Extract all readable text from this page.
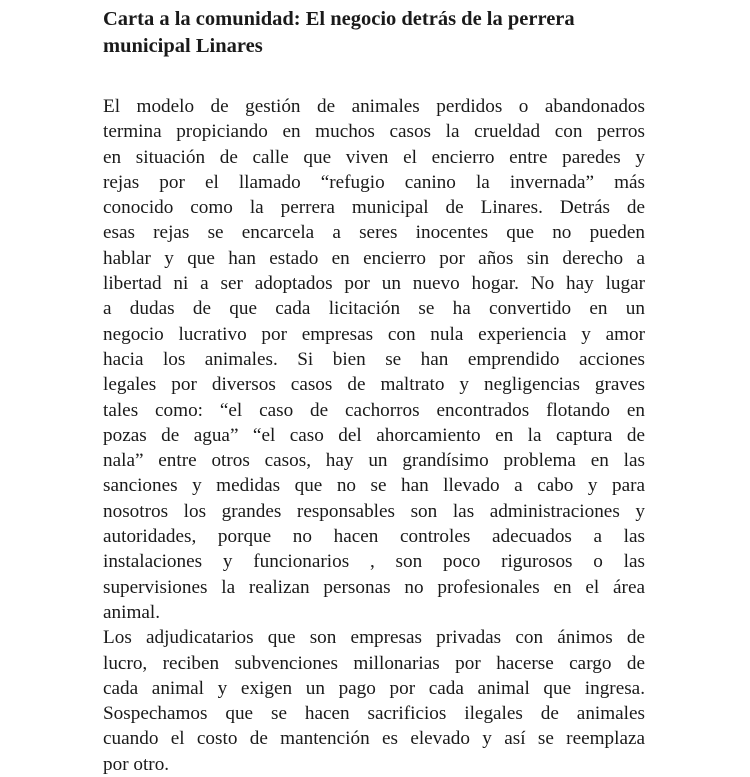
Carta a la comunidad: El negocio detrás de la perrera
municipal Linares

El modelo de gestión de animales perdidos o abandonados
termina propiciando en muchos casos la crueldad con perros
en situación de calle que viven el encierro entre paredes y
rejas por el llamado “refugio canino la invernada” más
conocido como la perrera municipal de Linares. Detrás de
esas rejas se encarcela a seres inocentes que no pueden
hablar y que han estado en encierro por años sin derecho a
libertad ni a ser adoptados por un nuevo hogar. No hay lugar
a dudas de que cada licitación se ha convertido en un
negocio lucrativo por empresas con nula experiencia y amor
hacia los animales. Si bien se han emprendido acciones
legales por diversos casos de maltrato y negligencias graves
tales como: “el caso de cachorros encontrados flotando en
pozas de agua” “el caso del ahorcamiento en la captura de
nala” entre otros casos, hay un grandísimo problema en las
sanciones y medidas que no se han llevado a cabo y para
nosotros los grandes responsables son las administraciones y
autoridades, porque no hacen controles adecuados a las
instalaciones y funcionarios , son poco rigurosos o las
supervisiones la realizan personas no profesionales en el área
animal.

Los adjudicatarios que son empresas privadas con ánimos de
lucro, reciben subvenciones millonarias por hacerse cargo de
cada animal y exigen un pago por cada animal que ingresa.
Sospechamos que se hacen sacrificios ilegales de animales
cuando el costo de mantención es elevado y así se reemplaza
por otro.
